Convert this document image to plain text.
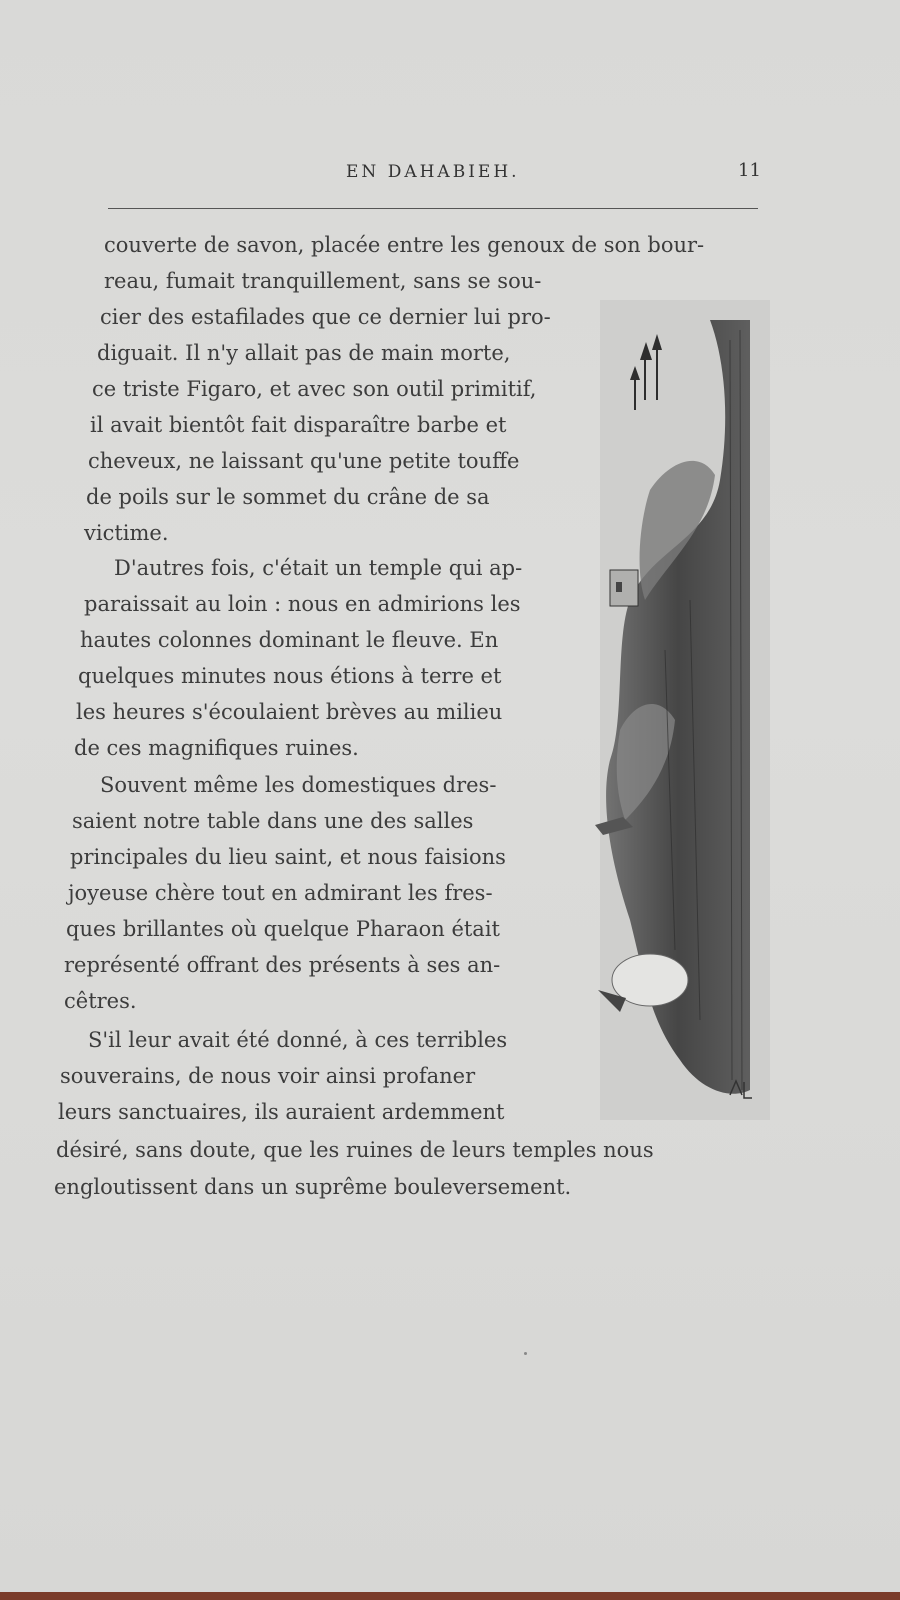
EN DAHABIEH.	11
couverte de savon, placée entre les genoux de son bour-
reau, fumait tranquillement, sans se sou-
cier des estafilades que ce dernier lui pro-
diguait. Il n'y allait pas de main morte,
ce triste Figaro, et avec son outil primitif,
il avait bientôt fait disparaître barbe et
cheveux, ne laissant qu'une petite touffe
de poils sur le sommet du crâne de sa
victime.
D'autres fois, c'était un temple qui ap-
paraissait au loin : nous en admirions les
hautes colonnes dominant le fleuve. En
quelques minutes nous étions à terre et
les heures s'écoulaient brèves au milieu
de ces magnifiques ruines.
Souvent même les domestiques dres-
saient notre table dans une des salles
principales du lieu saint, et nous faisions
joyeuse chère tout en admirant les fres-
ques brillantes où quelque Pharaon était
représenté offrant des présents à ses an-
cêtres.
S'il leur avait été donné, à ces terribles
souverains, de nous voir ainsi profaner
leurs sanctuaires, ils auraient ardemment
désiré, sans doute, que les ruines de leurs temples nous
engloutissent dans un suprême bouleversement.
